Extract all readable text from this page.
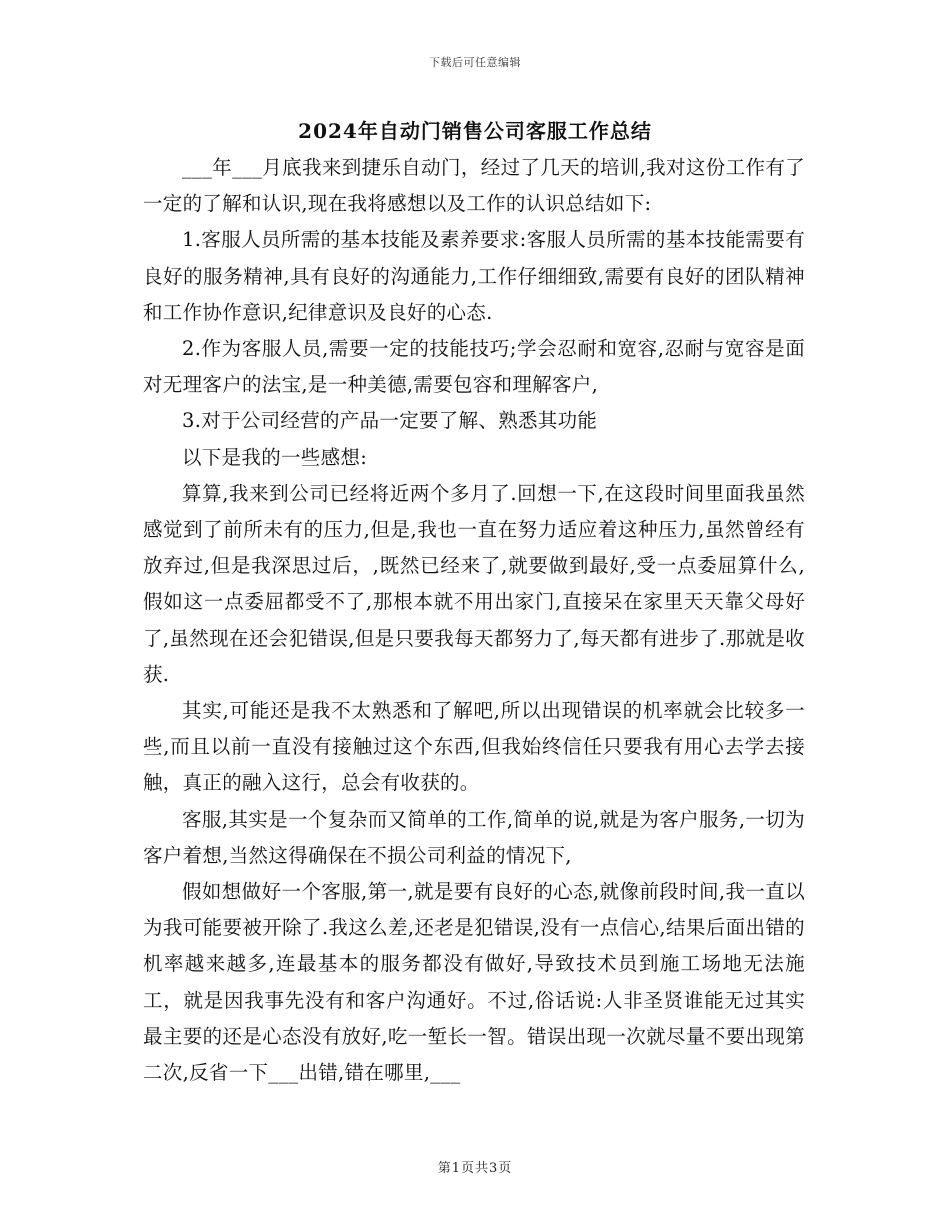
下载后可任意编辑
2024年自动门销售公司客服工作总结

___年___月底我来到捷乐自动门，经过了几天的培训,我对这份工作有了一定的了解和认识,现在我将感想以及工作的认识总结如下:

1.客服人员所需的基本技能及素养要求:客服人员所需的基本技能需要有良好的服务精神,具有良好的沟通能力,工作仔细细致,需要有良好的团队精神和工作协作意识,纪律意识及良好的心态.

2.作为客服人员,需要一定的技能技巧;学会忍耐和宽容,忍耐与宽容是面对无理客户的法宝,是一种美德,需要包容和理解客户,

3.对于公司经营的产品一定要了解、熟悉其功能

以下是我的一些感想:

算算,我来到公司已经将近两个多月了.回想一下,在这段时间里面我虽然感觉到了前所未有的压力,但是,我也一直在努力适应着这种压力,虽然曾经有放弃过,但是我深思过后，,既然已经来了,就要做到最好,受一点委屈算什么,假如这一点委屈都受不了,那根本就不用出家门,直接呆在家里天天靠父母好了,虽然现在还会犯错误,但是只要我每天都努力了,每天都有进步了.那就是收获.

其实,可能还是我不太熟悉和了解吧,所以出现错误的机率就会比较多一些,而且以前一直没有接触过这个东西,但我始终信任只要我有用心去学去接触，真正的融入这行，总会有收获的。

客服,其实是一个复杂而又简单的工作,简单的说,就是为客户服务,一切为客户着想,当然这得确保在不损公司利益的情况下,

假如想做好一个客服,第一,就是要有良好的心态,就像前段时间,我一直以为我可能要被开除了.我这么差,还老是犯错误,没有一点信心,结果后面出错的机率越来越多,连最基本的服务都没有做好,导致技术员到施工场地无法施工，就是因我事先没有和客户沟通好。不过,俗话说:人非圣贤谁能无过其实最主要的还是心态没有放好,吃一堑长一智。错误出现一次就尽量不要出现第二次,反省一下___出错,错在哪里,___

第1页共3页
